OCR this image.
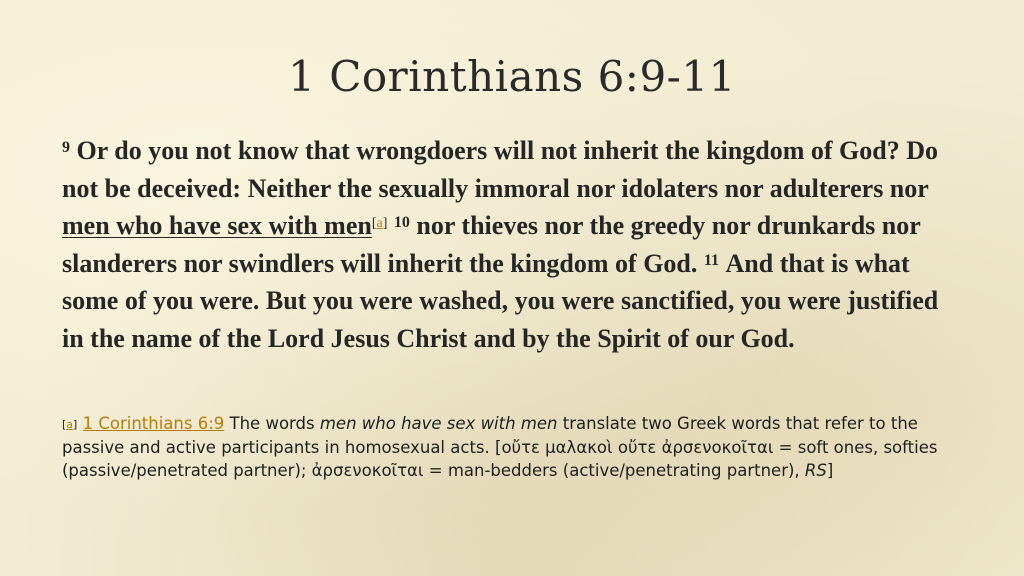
1 Corinthians 6:9-11

$^9$ Or do you not know that wrongdoers will not inherit the kingdom of God? Do not be deceived: Neither the sexually immoral nor idolaters nor adulterers nor men who have sex with men[a] $^{10}$ nor thieves nor the greedy nor drunkards nor slanderers nor swindlers will inherit the kingdom of God. $^{11}$ And that is what some of you were. But you were washed, you were sanctified, you were justified in the name of the Lord Jesus Christ and by the Spirit of our God.

[a] 1 Corinthians 6:9 The words men who have sex with men translate two Greek words that refer to the passive and active participants in homosexual acts. [οὔτε μαλακοὶ οὔτε ἀρσενοκοῖται = soft ones, softies (passive/penetrated partner); ἀρσενοκοῖται = man-bedders (active/penetrating partner), RS]
